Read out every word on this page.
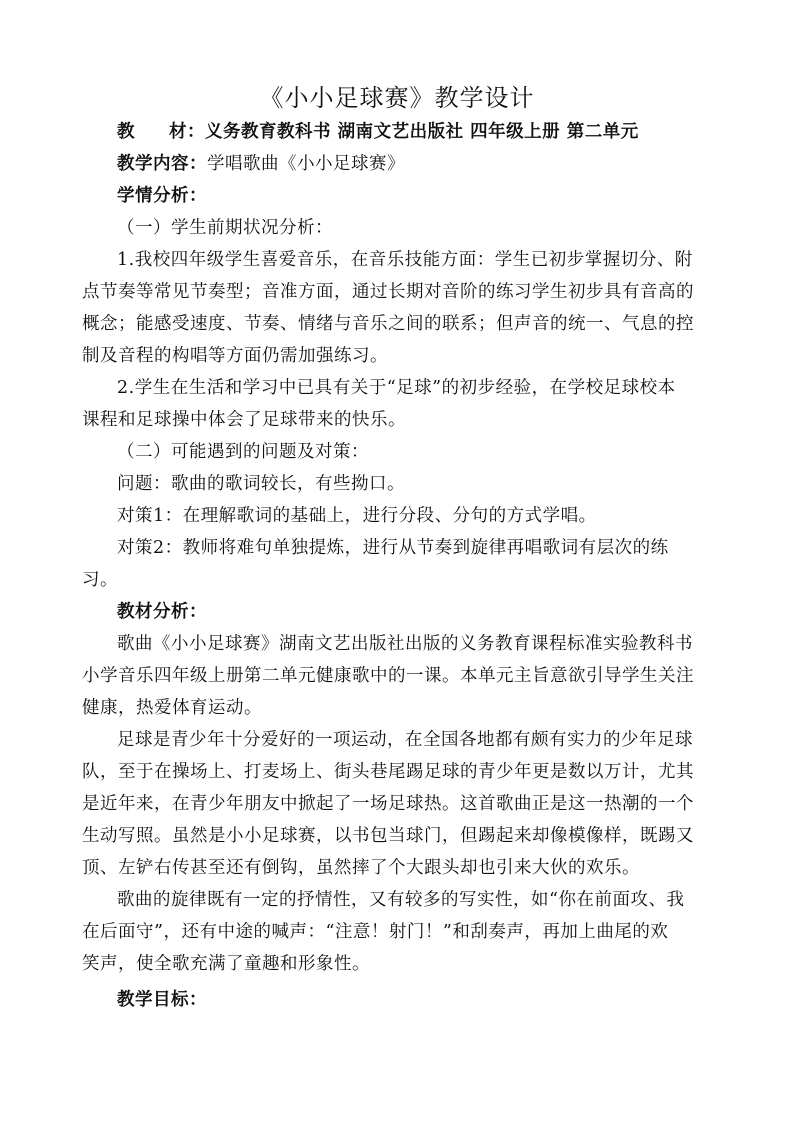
《小小足球赛》教学设计
教 材：义务教育教科书 湖南文艺出版社 四年级上册 第二单元
教学内容：学唱歌曲《小小足球赛》
学情分析：
（一）学生前期状况分析：
1.我校四年级学生喜爱音乐，在音乐技能方面：学生已初步掌握切分、附
点节奏等常见节奏型；音准方面，通过长期对音阶的练习学生初步具有音高的
概念；能感受速度、节奏、情绪与音乐之间的联系；但声音的统一、气息的控
制及音程的构唱等方面仍需加强练习。
2.学生在生活和学习中已具有关于“足球”的初步经验，在学校足球校本
课程和足球操中体会了足球带来的快乐。
（二）可能遇到的问题及对策：
问题：歌曲的歌词较长，有些拗口。
对策1：在理解歌词的基础上，进行分段、分句的方式学唱。
对策2：教师将难句单独提炼，进行从节奏到旋律再唱歌词有层次的练
习。
教材分析：
歌曲《小小足球赛》湖南文艺出版社出版的义务教育课程标准实验教科书
小学音乐四年级上册第二单元健康歌中的一课。本单元主旨意欲引导学生关注
健康，热爱体育运动。
足球是青少年十分爱好的一项运动，在全国各地都有颇有实力的少年足球
队，至于在操场上、打麦场上、街头巷尾踢足球的青少年更是数以万计，尤其
是近年来，在青少年朋友中掀起了一场足球热。这首歌曲正是这一热潮的一个
生动写照。虽然是小小足球赛，以书包当球门，但踢起来却像模像样，既踢又
顶、左铲右传甚至还有倒钩，虽然摔了个大跟头却也引来大伙的欢乐。
歌曲的旋律既有一定的抒情性，又有较多的写实性，如“你在前面攻、我
在后面守”，还有中途的喊声：“注意！射门！”和刮奏声，再加上曲尾的欢
笑声，使全歌充满了童趣和形象性。
教学目标：
